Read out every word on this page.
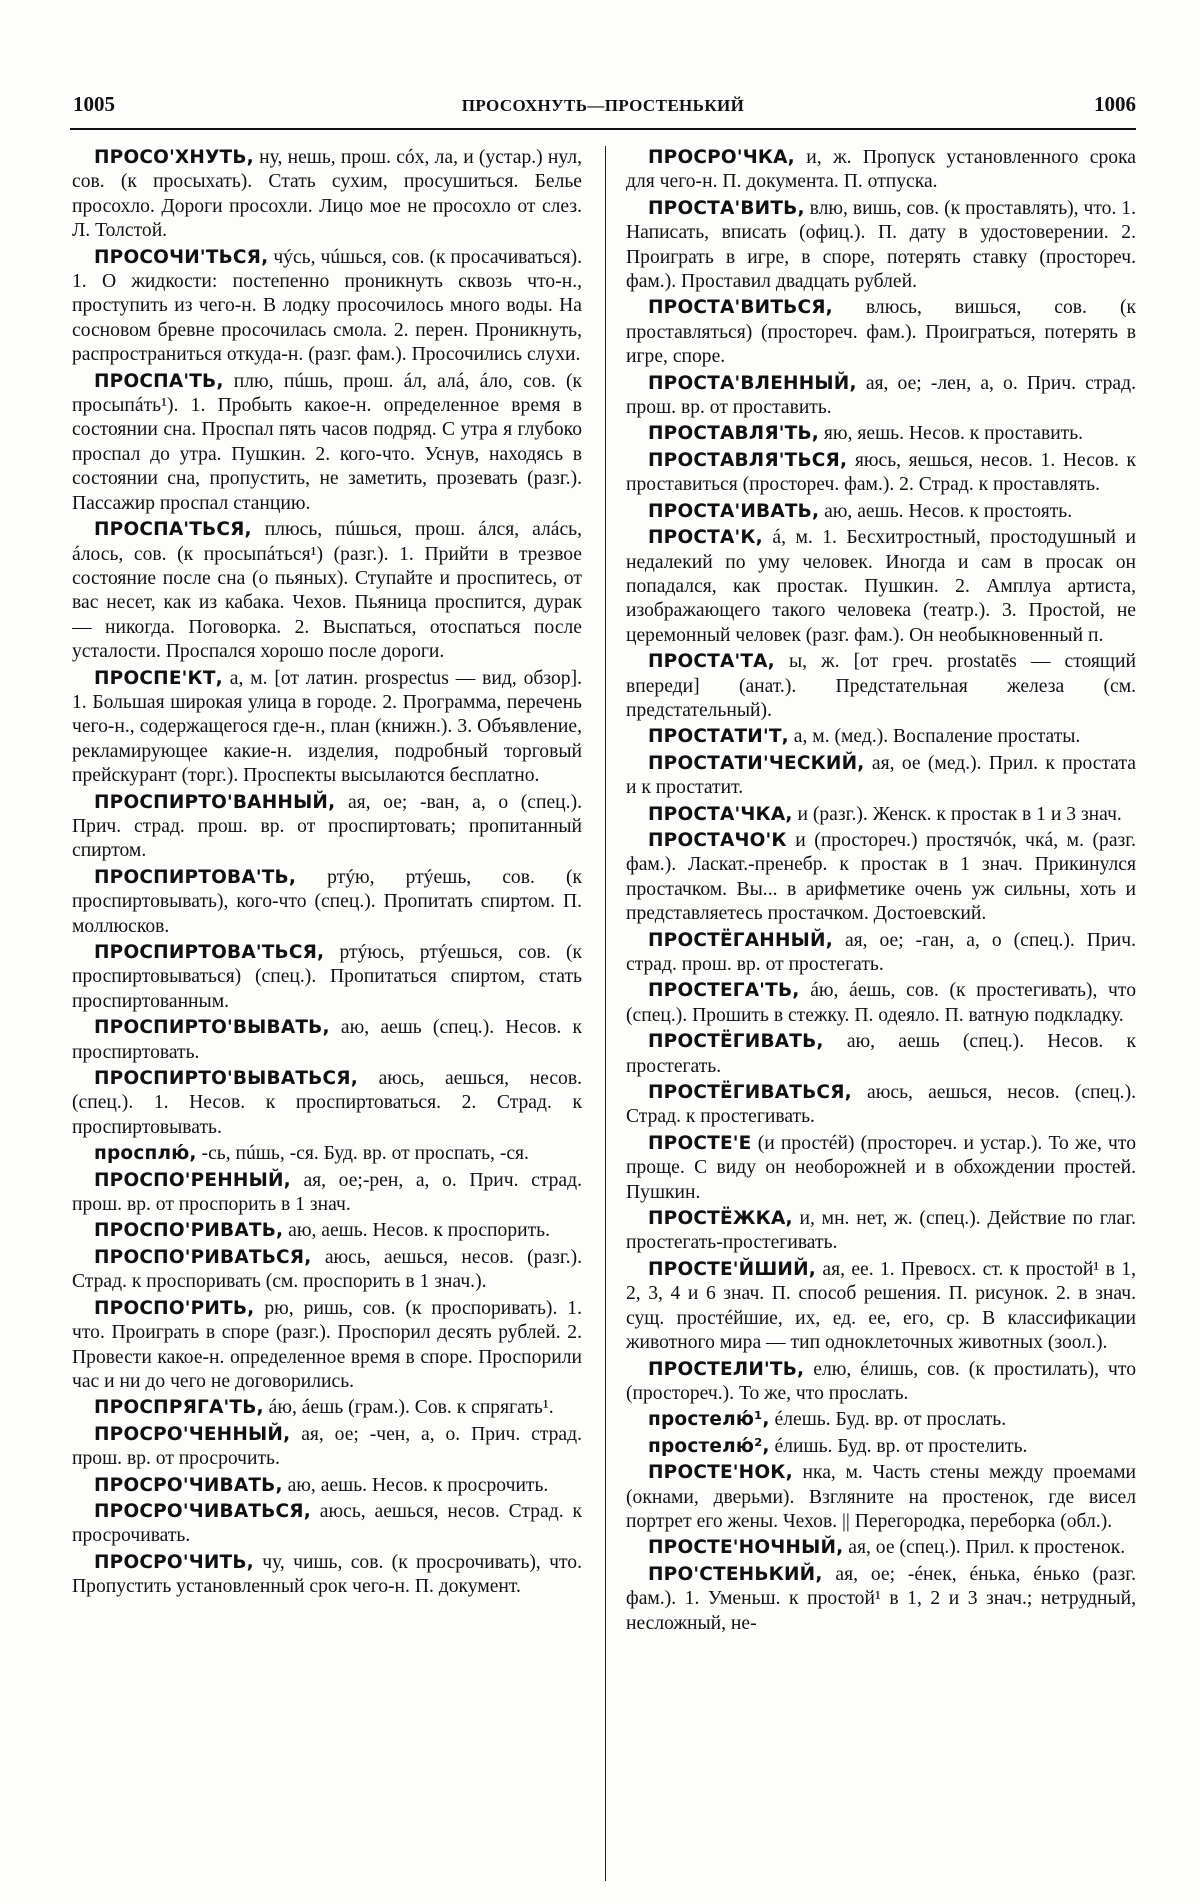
1005	ПРОСОХНУТЬ—ПРОСТЕНЬКИЙ	1006

ПРОСО'ХНУТЬ, ну, нешь, прош. сóх, ла, и (устар.) нул, сов. (к просыхать). Стать сухим, просушиться. Белье просохло. Дороги просохли. Лицо мое не просохло от слез. Л. Толстой.

ПРОСОЧИ'ТЬСЯ, чýсь, чúшься, сов. (к просачиваться). 1. О жидкости: постепенно проникнуть сквозь что-н., проступить из чего-н. В лодку просочилось много воды. На сосновом бревне просочилась смола. 2. перен. Проникнуть, распространиться откуда-н. (разг. фам.). Просочились слухи.

ПРОСПА'ТЬ, плю, пúшь, прош. áл, алá, áло, сов. (к просыпáть¹). 1. Пробыть какое-н. определенное время в состоянии сна. Проспал пять часов подряд. С утра я глубоко проспал до утра. Пушкин. 2. кого-что. Уснув, находясь в состоянии сна, пропустить, не заметить, прозевать (разг.). Пассажир проспал станцию.

ПРОСПА'ТЬСЯ, плюсь, пúшься, прош. áлся, алáсь, áлось, сов. (к просыпáться¹) (разг.). 1. Прийти в трезвое состояние после сна (о пьяных). Ступайте и проспитесь, от вас несет, как из кабака. Чехов. Пьяница проспится, дурак — никогда. Поговорка. 2. Выспаться, отоспаться после усталости. Проспался хорошо после дороги.

ПРОСПЕ'КТ, а, м. [от латин. prospectus — вид, обзор]. 1. Большая широкая улица в городе. 2. Программа, перечень чего-н., содержащегося где-н., план (книжн.). 3. Объявление, рекламирующее какие-н. изделия, подробный торговый прейскурант (торг.). Проспекты высылаются бесплатно.

ПРОСПИРТО'ВАННЫЙ, ая, ое; -ван, а, о (спец.). Прич. страд. прош. вр. от проспиртовать; пропитанный спиртом.

ПРОСПИРТОВА'ТЬ, ртýю, ртýешь, сов. (к проспиртовывать), кого-что (спец.). Пропитать спиртом. П. моллюсков.

ПРОСПИРТОВА'ТЬСЯ, ртýюсь, ртýешься, сов. (к проспиртовываться) (спец.). Пропитаться спиртом, стать проспиртованным.

ПРОСПИРТО'ВЫВАТЬ, аю, аешь (спец.). Несов. к проспиртовать.

ПРОСПИРТО'ВЫВАТЬСЯ, аюсь, аешься, несов. (спец.). 1. Несов. к проспиртоваться. 2. Страд. к проспиртовывать.

просплю́, -сь, пúшь, -ся. Буд. вр. от проспать, -ся.

ПРОСПО'РЕННЫЙ, ая, ое;-рен, а, о. Прич. страд. прош. вр. от проспорить в 1 знач.

ПРОСПО'РИВАТЬ, аю, аешь. Несов. к проспорить.

ПРОСПО'РИВАТЬСЯ, аюсь, аешься, несов. (разг.). Страд. к проспоривать (см. проспорить в 1 знач.).

ПРОСПО'РИТЬ, рю, ришь, сов. (к проспоривать). 1. что. Проиграть в споре (разг.). Проспорил десять рублей. 2. Провести какое-н. определенное время в споре. Проспорили час и ни до чего не договорились.

ПРОСПРЯГА'ТЬ, áю, áешь (грам.). Сов. к спрягать¹.

ПРОСРО'ЧЕННЫЙ, ая, ое; -чен, а, о. Прич. страд. прош. вр. от просрочить.

ПРОСРО'ЧИВАТЬ, аю, аешь. Несов. к просрочить.

ПРОСРО'ЧИВАТЬСЯ, аюсь, аешься, несов. Страд. к просрочивать.

ПРОСРО'ЧИТЬ, чу, чишь, сов. (к просрочивать), что. Пропустить установленный срок чего-н. П. документ.

ПРОСРО'ЧКА, и, ж. Пропуск установленного срока для чего-н. П. документа. П. отпуска.

ПРОСТА'ВИТЬ, влю, вишь, сов. (к проставлять), что. 1. Написать, вписать (офиц.). П. дату в удостоверении. 2. Проиграть в игре, в споре, потерять ставку (простореч. фам.). Проставил двадцать рублей.

ПРОСТА'ВИТЬСЯ, влюсь, вишься, сов. (к проставляться) (простореч. фам.). Проиграться, потерять в игре, споре.

ПРОСТА'ВЛЕННЫЙ, ая, ое; -лен, а, о. Прич. страд. прош. вр. от проставить.

ПРОСТАВЛЯ'ТЬ, яю, яешь. Несов. к проставить.

ПРОСТАВЛЯ'ТЬСЯ, яюсь, яешься, несов. 1. Несов. к проставиться (простореч. фам.). 2. Страд. к проставлять.

ПРОСТА'ИВАТЬ, аю, аешь. Несов. к простоять.

ПРОСТА'К, á, м. 1. Бесхитростный, простодушный и недалекий по уму человек. Иногда и сам в просак он попадался, как простак. Пушкин. 2. Амплуа артиста, изображающего такого человека (театр.). 3. Простой, не церемонный человек (разг. фам.). Он необыкновенный п.

ПРОСТА'ТА, ы, ж. [от греч. prostatēs — стоящий впереди] (анат.). Предстательная железа (см. предстательный).

ПРОСТАТИ'Т, а, м. (мед.). Воспаление простаты.

ПРОСТАТИ'ЧЕСКИЙ, ая, ое (мед.). Прил. к простата и к простатит.

ПРОСТА'ЧКА, и (разг.). Женск. к простак в 1 и 3 знач.

ПРОСТАЧО'К и (простореч.) простячóк, чкá, м. (разг. фам.). Ласкат.-пренебр. к простак в 1 знач. Прикинулся простачком. Вы... в арифметике очень уж сильны, хоть и представляетесь простачком. Достоевский.

ПРОСТЁГАННЫЙ, ая, ое; -ган, а, о (спец.). Прич. страд. прош. вр. от простегать.

ПРОСТЕГА'ТЬ, áю, áешь, сов. (к простегивать), что (спец.). Прошить в стежку. П. одеяло. П. ватную подкладку.

ПРОСТЁГИВАТЬ, аю, аешь (спец.). Несов. к простегать.

ПРОСТЁГИВАТЬСЯ, аюсь, аешься, несов. (спец.). Страд. к простегивать.

ПРОСТЕ'Е (и простéй) (простореч. и устар.). То же, что проще. С виду он необорожней и в обхождении простей. Пушкин.

ПРОСТЁЖКА, и, мн. нет, ж. (спец.). Действие по глаг. простегать-простегивать.

ПРОСТЕ'ЙШИЙ, ая, ее. 1. Превосх. ст. к простой¹ в 1, 2, 3, 4 и 6 знач. П. способ решения. П. рисунок. 2. в знач. сущ. простéйшие, их, ед. ее, его, ср. В классификации животного мира — тип одноклеточных животных (зоол.).

ПРОСТЕЛИ'ТЬ, елю, éлишь, сов. (к простилать), что (простореч.). То же, что прослать.

простелю́¹, éлешь. Буд. вр. от прослать.

простелю́², éлишь. Буд. вр. от простелить.

ПРОСТЕ'НОК, нка, м. Часть стены между проемами (окнами, дверьми). Взгляните на простенок, где висел портрет его жены. Чехов. || Перегородка, переборка (обл.).

ПРОСТЕ'НОЧНЫЙ, ая, ое (спец.). Прил. к простенок.

ПРО'СТЕНЬКИЙ, ая, ое; -éнек, éнька, éнько (разг. фам.). 1. Уменьш. к простой¹ в 1, 2 и 3 знач.; нетрудный, несложный, не-
